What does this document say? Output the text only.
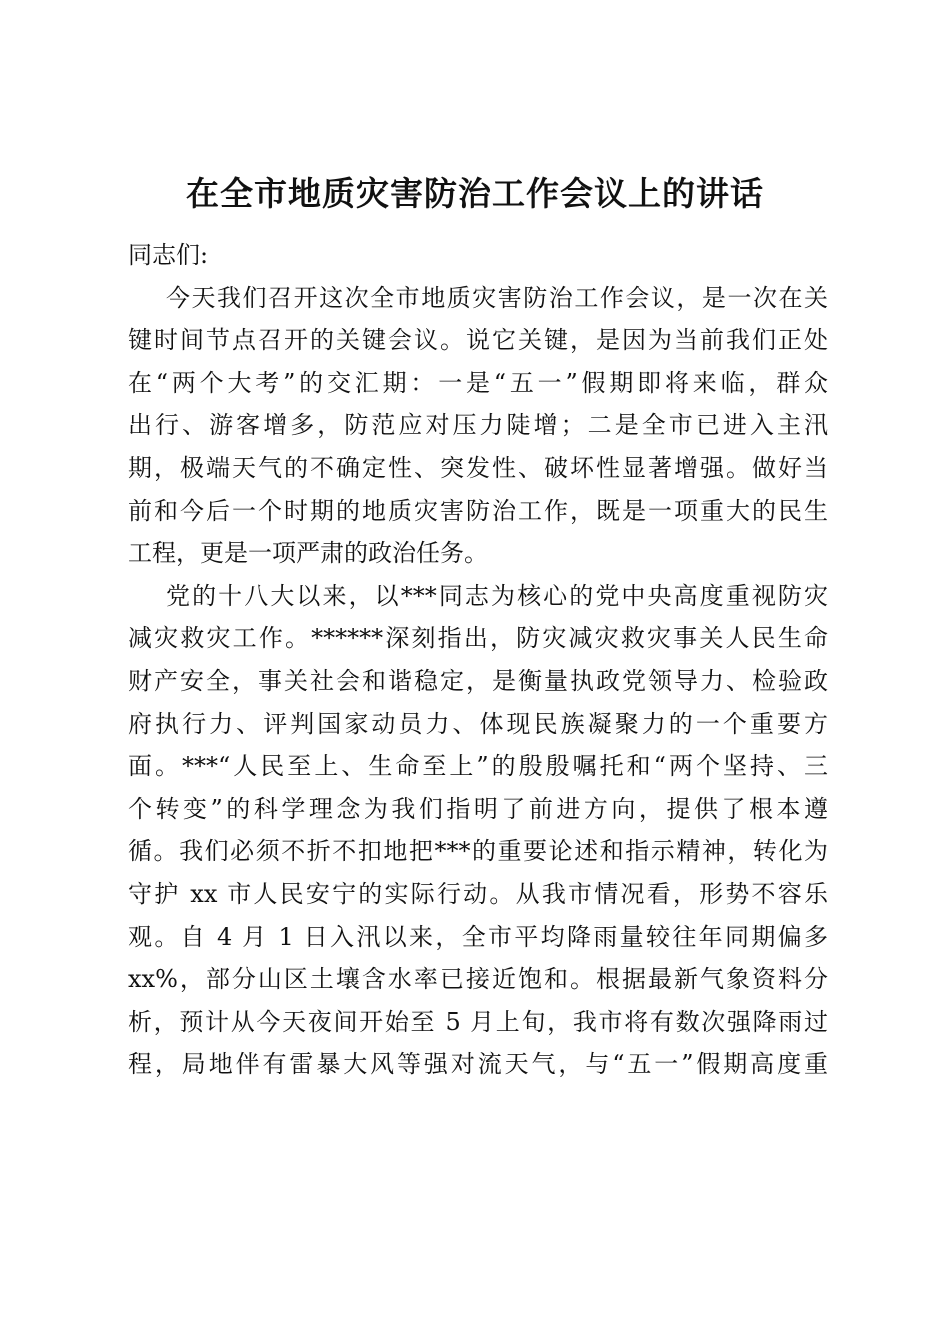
在全市地质灾害防治工作会议上的讲话
同志们:
今天我们召开这次全市地质灾害防治工作会议，是一次在关
键时间节点召开的关键会议。说它关键，是因为当前我们正处
在“两个大考”的交汇期：一是“五一”假期即将来临，群众
出行、游客增多，防范应对压力陡增；二是全市已进入主汛
期，极端天气的不确定性、突发性、破坏性显著增强。做好当
前和今后一个时期的地质灾害防治工作，既是一项重大的民生
工程，更是一项严肃的政治任务。
党的十八大以来，以***同志为核心的党中央高度重视防灾
减灾救灾工作。******深刻指出，防灾减灾救灾事关人民生命
财产安全，事关社会和谐稳定，是衡量执政党领导力、检验政
府执行力、评判国家动员力、体现民族凝聚力的一个重要方
面。***“人民至上、生命至上”的殷殷嘱托和“两个坚持、三
个转变”的科学理念为我们指明了前进方向，提供了根本遵
循。我们必须不折不扣地把***的重要论述和指示精神，转化为
守护 xx 市人民安宁的实际行动。从我市情况看，形势不容乐
观。自 4 月 1 日入汛以来，全市平均降雨量较往年同期偏多
xx%，部分山区土壤含水率已接近饱和。根据最新气象资料分
析，预计从今天夜间开始至 5 月上旬，我市将有数次强降雨过
程，局地伴有雷暴大风等强对流天气，与“五一”假期高度重
